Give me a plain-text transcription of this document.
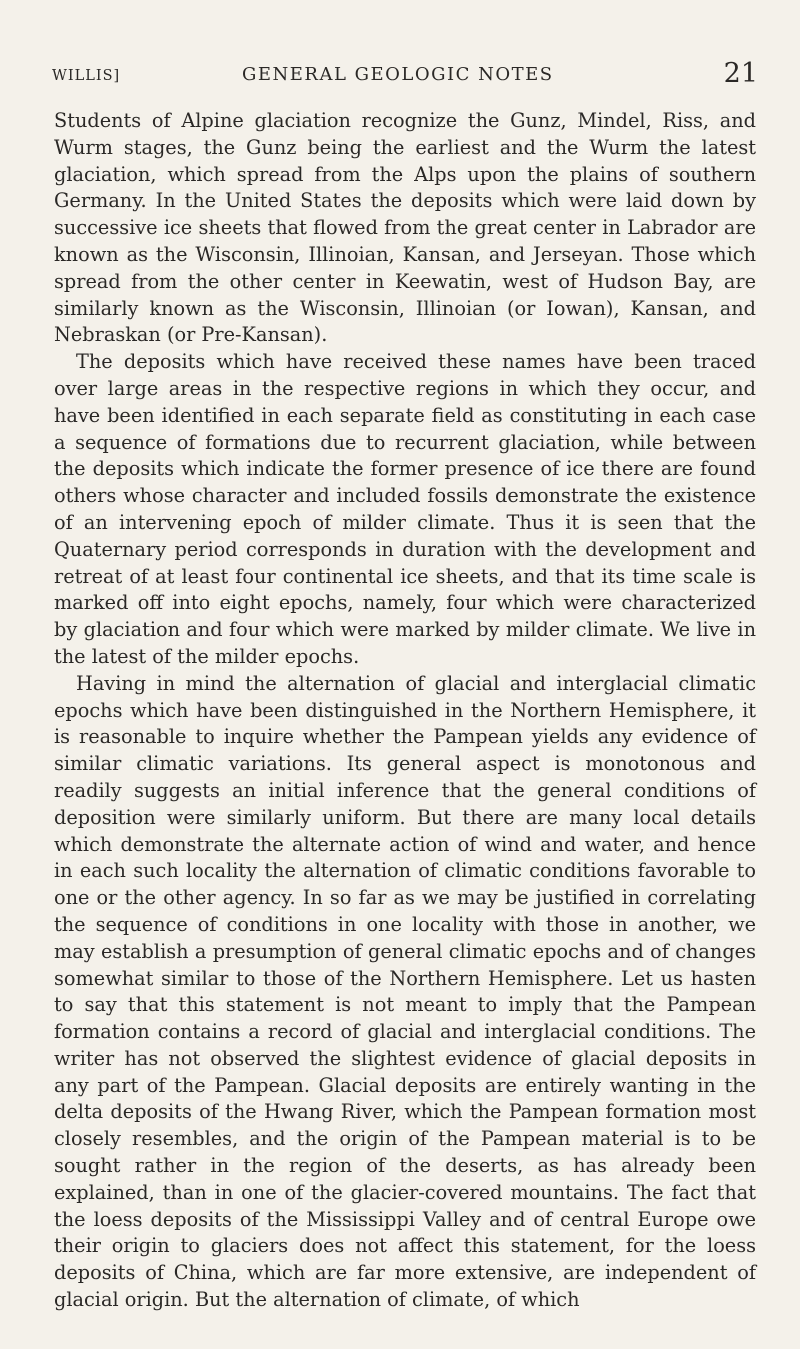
WILLIS]	GENERAL GEOLOGIC NOTES	21

Students of Alpine glaciation recognize the Gunz, Mindel, Riss, and Wurm stages, the Gunz being the earliest and the Wurm the latest glaciation, which spread from the Alps upon the plains of southern Germany. In the United States the deposits which were laid down by successive ice sheets that flowed from the great center in Labrador are known as the Wisconsin, Illinoian, Kansan, and Jerseyan. Those which spread from the other center in Keewatin, west of Hudson Bay, are similarly known as the Wisconsin, Illinoian (or Iowan), Kansan, and Nebraskan (or Pre-Kansan).

The deposits which have received these names have been traced over large areas in the respective regions in which they occur, and have been identified in each separate field as constituting in each case a sequence of formations due to recurrent glaciation, while between the deposits which indicate the former presence of ice there are found others whose character and included fossils demonstrate the existence of an intervening epoch of milder climate. Thus it is seen that the Quaternary period corresponds in duration with the development and retreat of at least four continental ice sheets, and that its time scale is marked off into eight epochs, namely, four which were characterized by glaciation and four which were marked by milder climate. We live in the latest of the milder epochs.

Having in mind the alternation of glacial and interglacial climatic epochs which have been distinguished in the Northern Hemisphere, it is reasonable to inquire whether the Pampean yields any evidence of similar climatic variations. Its general aspect is monotonous and readily suggests an initial inference that the general conditions of deposition were similarly uniform. But there are many local details which demonstrate the alternate action of wind and water, and hence in each such locality the alternation of climatic conditions favorable to one or the other agency. In so far as we may be justified in correlating the sequence of conditions in one locality with those in another, we may establish a presumption of general climatic epochs and of changes somewhat similar to those of the Northern Hemisphere. Let us hasten to say that this statement is not meant to imply that the Pampean formation contains a record of glacial and interglacial conditions. The writer has not observed the slightest evidence of glacial deposits in any part of the Pampean. Glacial deposits are entirely wanting in the delta deposits of the Hwang River, which the Pampean formation most closely resembles, and the origin of the Pampean material is to be sought rather in the region of the deserts, as has already been explained, than in one of the glacier-covered mountains. The fact that the loess deposits of the Mississippi Valley and of central Europe owe their origin to glaciers does not affect this statement, for the loess deposits of China, which are far more extensive, are independent of glacial origin. But the alternation of climate, of which
